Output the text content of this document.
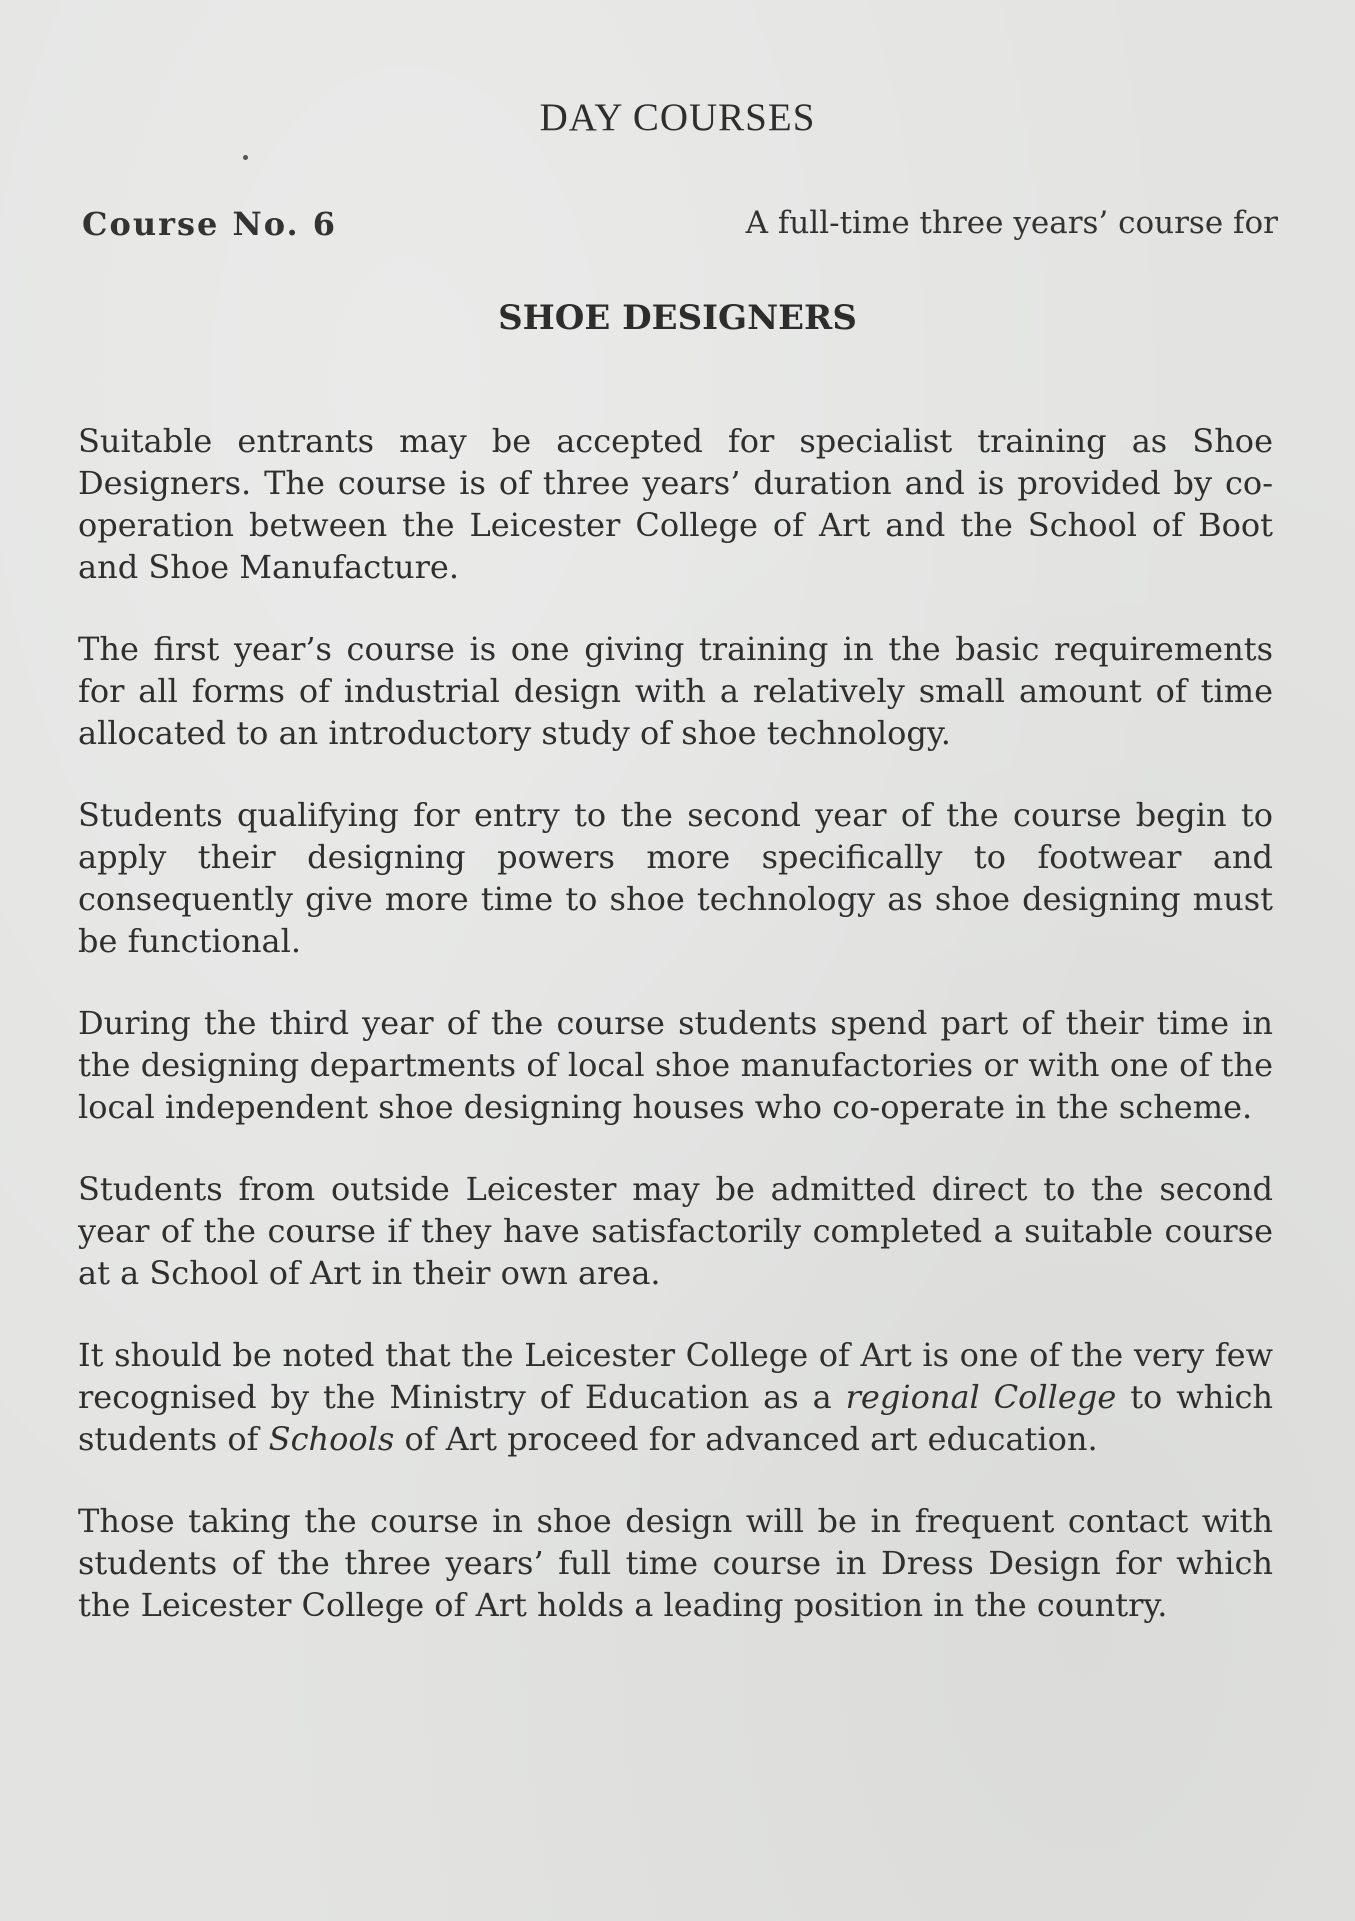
DAY COURSES
Course No. 6	A full-time three years’ course for
SHOE DESIGNERS

Suitable entrants may be accepted for specialist training as Shoe Designers. The course is of three years’ duration and is provided by co-operation between the Leicester College of Art and the School of Boot and Shoe Manufacture.

The first year’s course is one giving training in the basic requirements for all forms of industrial design with a relatively small amount of time allocated to an introductory study of shoe technology.

Students qualifying for entry to the second year of the course begin to apply their designing powers more specifically to footwear and consequently give more time to shoe technology as shoe designing must be functional.

During the third year of the course students spend part of their time in the designing departments of local shoe manufactories or with one of the local independent shoe designing houses who co-operate in the scheme.

Students from outside Leicester may be admitted direct to the second year of the course if they have satisfactorily completed a suitable course at a School of Art in their own area.

It should be noted that the Leicester College of Art is one of the very few recognised by the Ministry of Education as a regional College to which students of Schools of Art proceed for advanced art education.

Those taking the course in shoe design will be in frequent contact with students of the three years’ full time course in Dress Design for which the Leicester College of Art holds a leading position in the country.
